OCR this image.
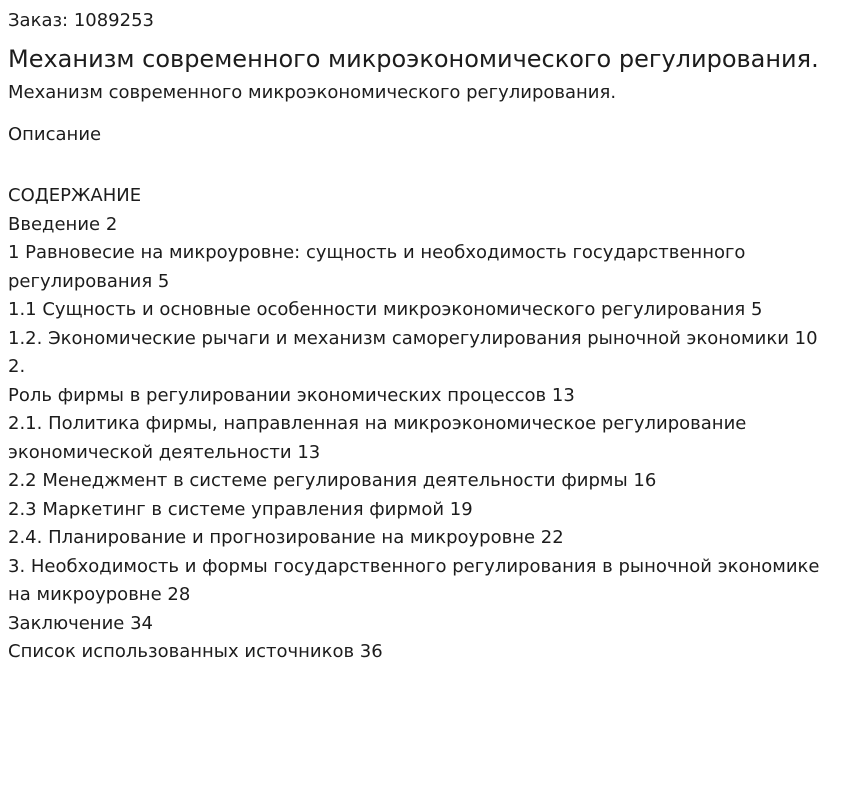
Заказ: 1089253

Механизм современного микроэкономического регулирования.

Механизм современного микроэкономического регулирования.

Описание

СОДЕРЖАНИЕ
Введение 2
1 Равновесие на микроуровне: сущность и необходимость государственного регулирования 5
1.1 Сущность и основные особенности микроэкономического регулирования 5
1.2. Экономические рычаги и механизм саморегулирования рыночной экономики 10
2.
Роль фирмы в регулировании экономических процессов 13
2.1. Политика фирмы, направленная на микроэкономическое регулирование экономической деятельности 13
2.2 Менеджмент в системе регулирования деятельности фирмы 16
2.3 Маркетинг в системе управления фирмой 19
2.4. Планирование и прогнозирование на микроуровне 22
3. Необходимость и формы государственного регулирования в рыночной экономике на микроуровне 28
Заключение 34
Список использованных источников 36
